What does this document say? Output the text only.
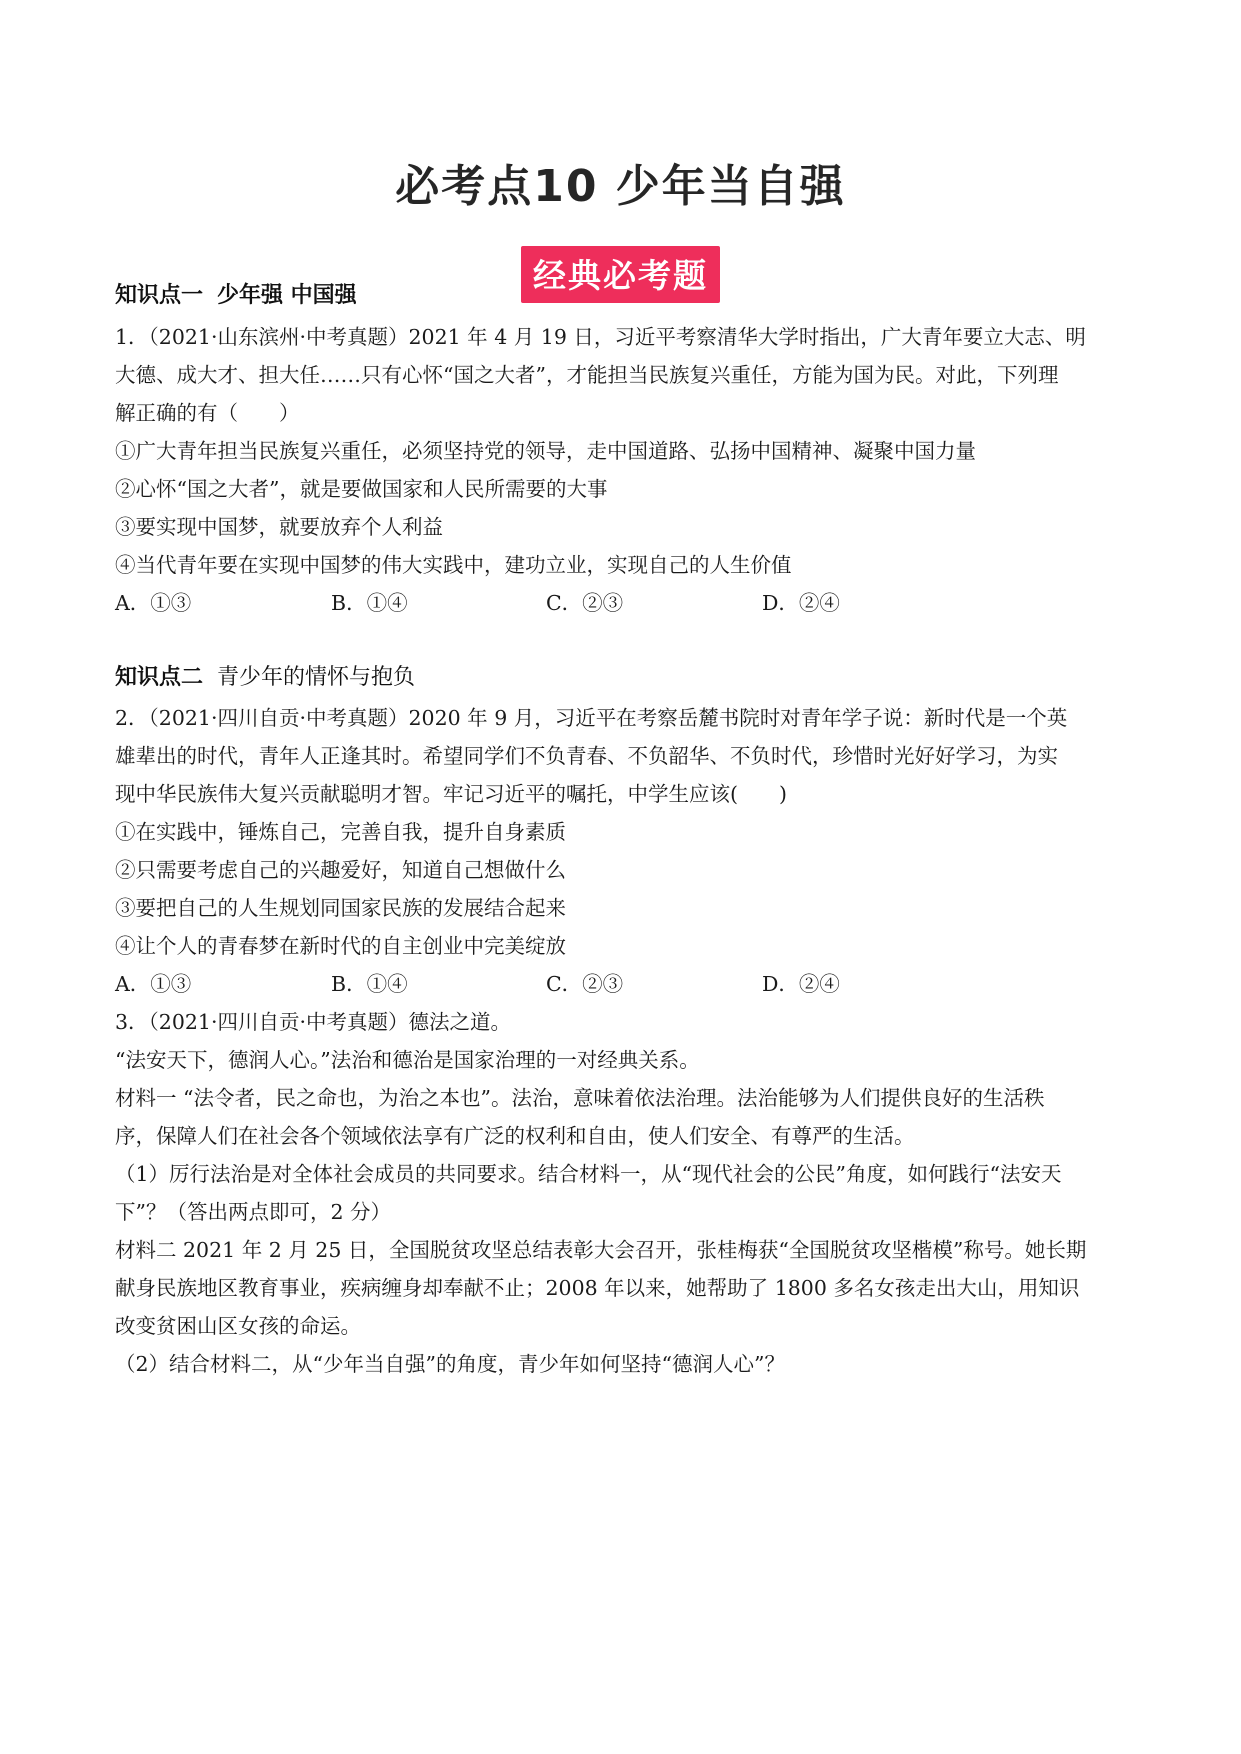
必考点10 少年当自强
经典必考题
知识点一 少年强 中国强
1．（2021·山东滨州·中考真题）2021 年 4 月 19 日，习近平考察清华大学时指出，广大青年要立大志、明
大德、成大才、担大任……只有心怀“国之大者”，才能担当民族复兴重任，方能为国为民。对此，下列理
解正确的有（　　）
①广大青年担当民族复兴重任，必须坚持党的领导，走中国道路、弘扬中国精神、凝聚中国力量
②心怀“国之大者”，就是要做国家和人民所需要的大事
③要实现中国梦，就要放弃个人利益
④当代青年要在实现中国梦的伟大实践中，建功立业，实现自己的人生价值
A．①③	B．①④	C．②③	D．②④
知识点二 青少年的情怀与抱负
2．（2021·四川自贡·中考真题）2020 年 9 月，习近平在考察岳麓书院时对青年学子说：新时代是一个英
雄辈出的时代，青年人正逢其时。希望同学们不负青春、不负韶华、不负时代，珍惜时光好好学习，为实
现中华民族伟大复兴贡献聪明才智。牢记习近平的嘱托，中学生应该(　　)
①在实践中，锤炼自己，完善自我，提升自身素质
②只需要考虑自己的兴趣爱好，知道自己想做什么
③要把自己的人生规划同国家民族的发展结合起来
④让个人的青春梦在新时代的自主创业中完美绽放
A．①③	B．①④	C．②③	D．②④
3．（2021·四川自贡·中考真题）德法之道。
“法安天下，德润人心。”法治和德治是国家治理的一对经典关系。
材料一 “法令者，民之命也，为治之本也”。法治，意味着依法治理。法治能够为人们提供良好的生活秩
序，保障人们在社会各个领域依法享有广泛的权利和自由，使人们安全、有尊严的生活。
（1）厉行法治是对全体社会成员的共同要求。结合材料一，从“现代社会的公民”角度，如何践行“法安天
下”？（答出两点即可，2 分）
材料二 2021 年 2 月 25 日，全国脱贫攻坚总结表彰大会召开，张桂梅获“全国脱贫攻坚楷模”称号。她长期
献身民族地区教育事业，疾病缠身却奉献不止；2008 年以来，她帮助了 1800 多名女孩走出大山，用知识
改变贫困山区女孩的命运。
（2）结合材料二，从“少年当自强”的角度，青少年如何坚持“德润人心”？
